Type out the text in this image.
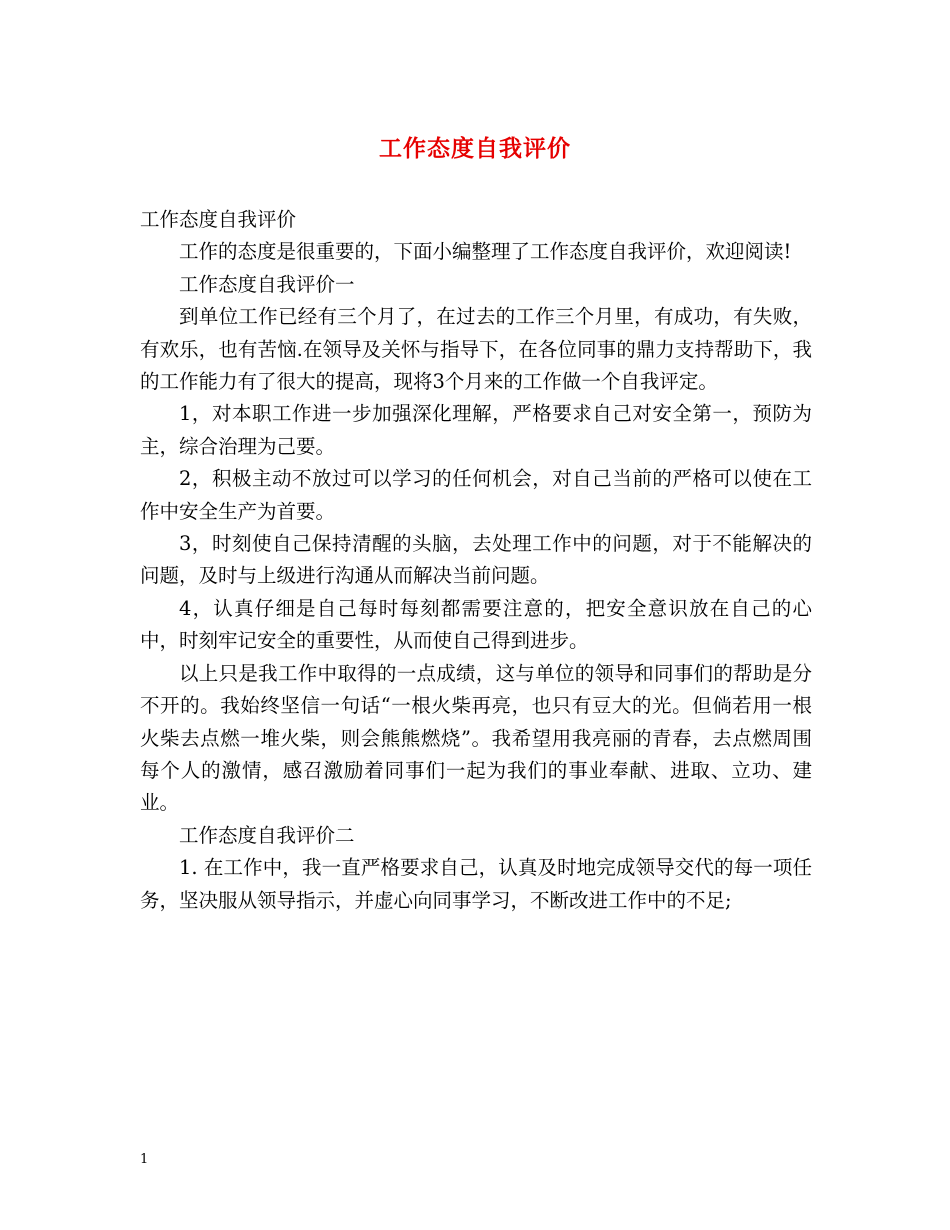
工作态度自我评价

工作态度自我评价

工作的态度是很重要的，下面小编整理了工作态度自我评价，欢迎阅读!

工作态度自我评价一

到单位工作已经有三个月了，在过去的工作三个月里，有成功，有失败，有欢乐，也有苦恼.在领导及关怀与指导下，在各位同事的鼎力支持帮助下，我的工作能力有了很大的提高，现将3个月来的工作做一个自我评定。

1，对本职工作进一步加强深化理解，严格要求自己对安全第一，预防为主，综合治理为己要。

2，积极主动不放过可以学习的任何机会，对自己当前的严格可以使在工作中安全生产为首要。

3，时刻使自己保持清醒的头脑，去处理工作中的问题，对于不能解决的问题，及时与上级进行沟通从而解决当前问题。

4，认真仔细是自己每时每刻都需要注意的，把安全意识放在自己的心中，时刻牢记安全的重要性，从而使自己得到进步。

以上只是我工作中取得的一点成绩，这与单位的领导和同事们的帮助是分不开的。我始终坚信一句话“一根火柴再亮，也只有豆大的光。但倘若用一根火柴去点燃一堆火柴，则会熊熊燃烧”。我希望用我亮丽的青春，去点燃周围每个人的激情，感召激励着同事们一起为我们的事业奉献、进取、立功、建业。

工作态度自我评价二

1. 在工作中，我一直严格要求自己，认真及时地完成领导交代的每一项任务，坚决服从领导指示，并虚心向同事学习，不断改进工作中的不足;

1
